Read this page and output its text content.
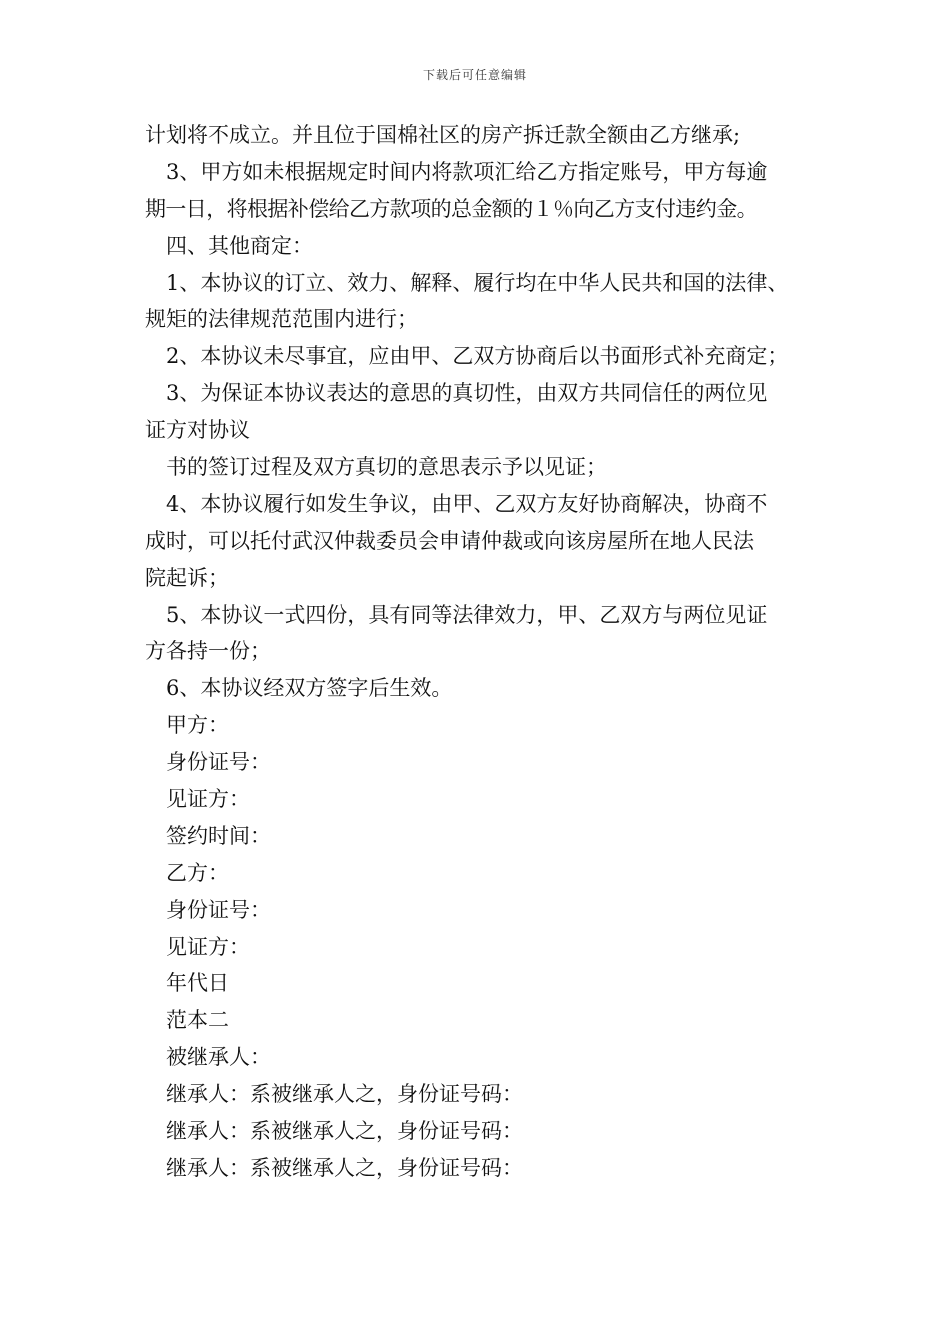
下载后可任意编辑
计划将不成立。并且位于国棉社区的房产拆迁款全额由乙方继承;
3、甲方如未根据规定时间内将款项汇给乙方指定账号，甲方每逾
期一日，将根据补偿给乙方款项的总金额的１％向乙方支付违约金。
四、其他商定：
1、本协议的订立、效力、解释、履行均在中华人民共和国的法律、
规矩的法律规范范围内进行；
2、本协议未尽事宜，应由甲、乙双方协商后以书面形式补充商定；
3、为保证本协议表达的意思的真切性，由双方共同信任的两位见
证方对协议
书的签订过程及双方真切的意思表示予以见证；
4、本协议履行如发生争议，由甲、乙双方友好协商解决，协商不
成时，可以托付武汉仲裁委员会申请仲裁或向该房屋所在地人民法
院起诉；
5、本协议一式四份，具有同等法律效力，甲、乙双方与两位见证
方各持一份；
6、本协议经双方签字后生效。
甲方：
身份证号：
见证方：
签约时间：
乙方：
身份证号：
见证方：
年代日
范本二
被继承人：
继承人：系被继承人之，身份证号码：
继承人：系被继承人之，身份证号码：
继承人：系被继承人之，身份证号码：
